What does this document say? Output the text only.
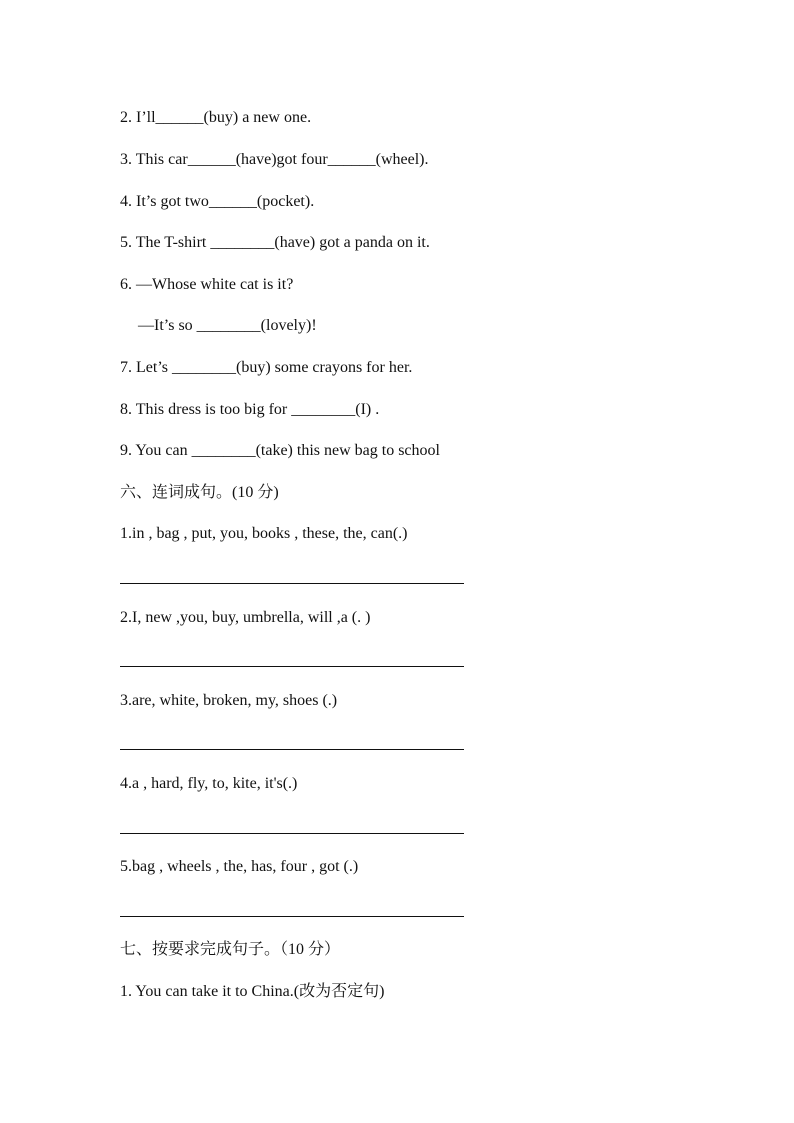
2. I’ll______(buy) a new one.
3. This car______(have)got four______(wheel).
4. It’s got two______(pocket).
5. The T-shirt ________(have) got a panda on it.
6. —Whose white cat is it?
—It’s so ________(lovely)!
7. Let’s ________(buy) some crayons for her.
8. This dress is too big for ________(I) .
9. You can ________(take) this new bag to school
六、连词成句。(10 分)
1.in , bag , put, you, books , these, the, can(.)
2.I, new ,you, buy, umbrella, will ,a (. )
3.are, white, broken, my, shoes (.)
4.a , hard, fly, to, kite, it's(.)
5.bag , wheels , the, has, four , got (.)
七、按要求完成句子。（10 分）
1. You can take it to China.(改为否定句)
